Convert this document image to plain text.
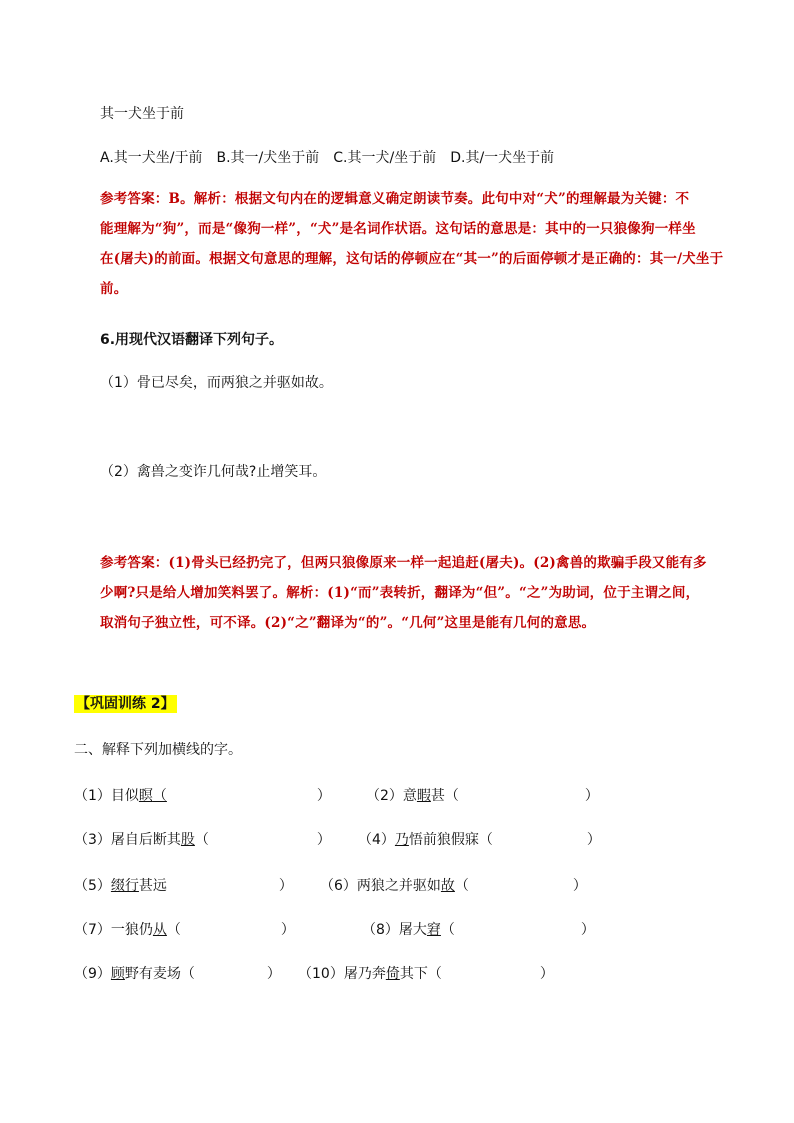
其一犬坐于前
A.其一犬坐/于前　B.其一/犬坐于前　C.其一犬/坐于前　D.其/一犬坐于前

参考答案：B。解析：根据文句内在的逻辑意义确定朗读节奏。此句中对“犬”的理解最为关键：不

能理解为“狗”，而是“像狗一样”，“犬”是名词作状语。这句话的意思是：其中的一只狼像狗一样坐

在(屠夫)的前面。根据文句意思的理解，这句话的停顿应在“其一”的后面停顿才是正确的：其一/犬坐于

前。

6.用现代汉语翻译下列句子。
（1）骨已尽矣，而两狼之并驱如故。
（2）禽兽之变诈几何哉?止增笑耳。

参考答案：(1)骨头已经扔完了，但两只狼像原来一样一起追赶(屠夫)。(2)禽兽的欺骗手段又能有多

少啊?只是给人增加笑料罢了。解析：(1)“而”表转折，翻译为“但”。“之”为助词，位于主谓之间，

取消句子独立性，可不译。(2)“之”翻译为“的”。“几何”这里是能有几何的意思。

【巩固训练 2】
二、解释下列加横线的字。
（1）目似瞑（	）	（2）意暇甚（	）
（3）屠自后断其股（	） （4）乃悟前狼假寐（	）
（5）缀行甚远	） （6）两狼之并驱如故（	）
（7）一狼仍从（	）	（8）屠大窘（	）
（9）顾野有麦场（	） （10）屠乃奔倚其下（	）
